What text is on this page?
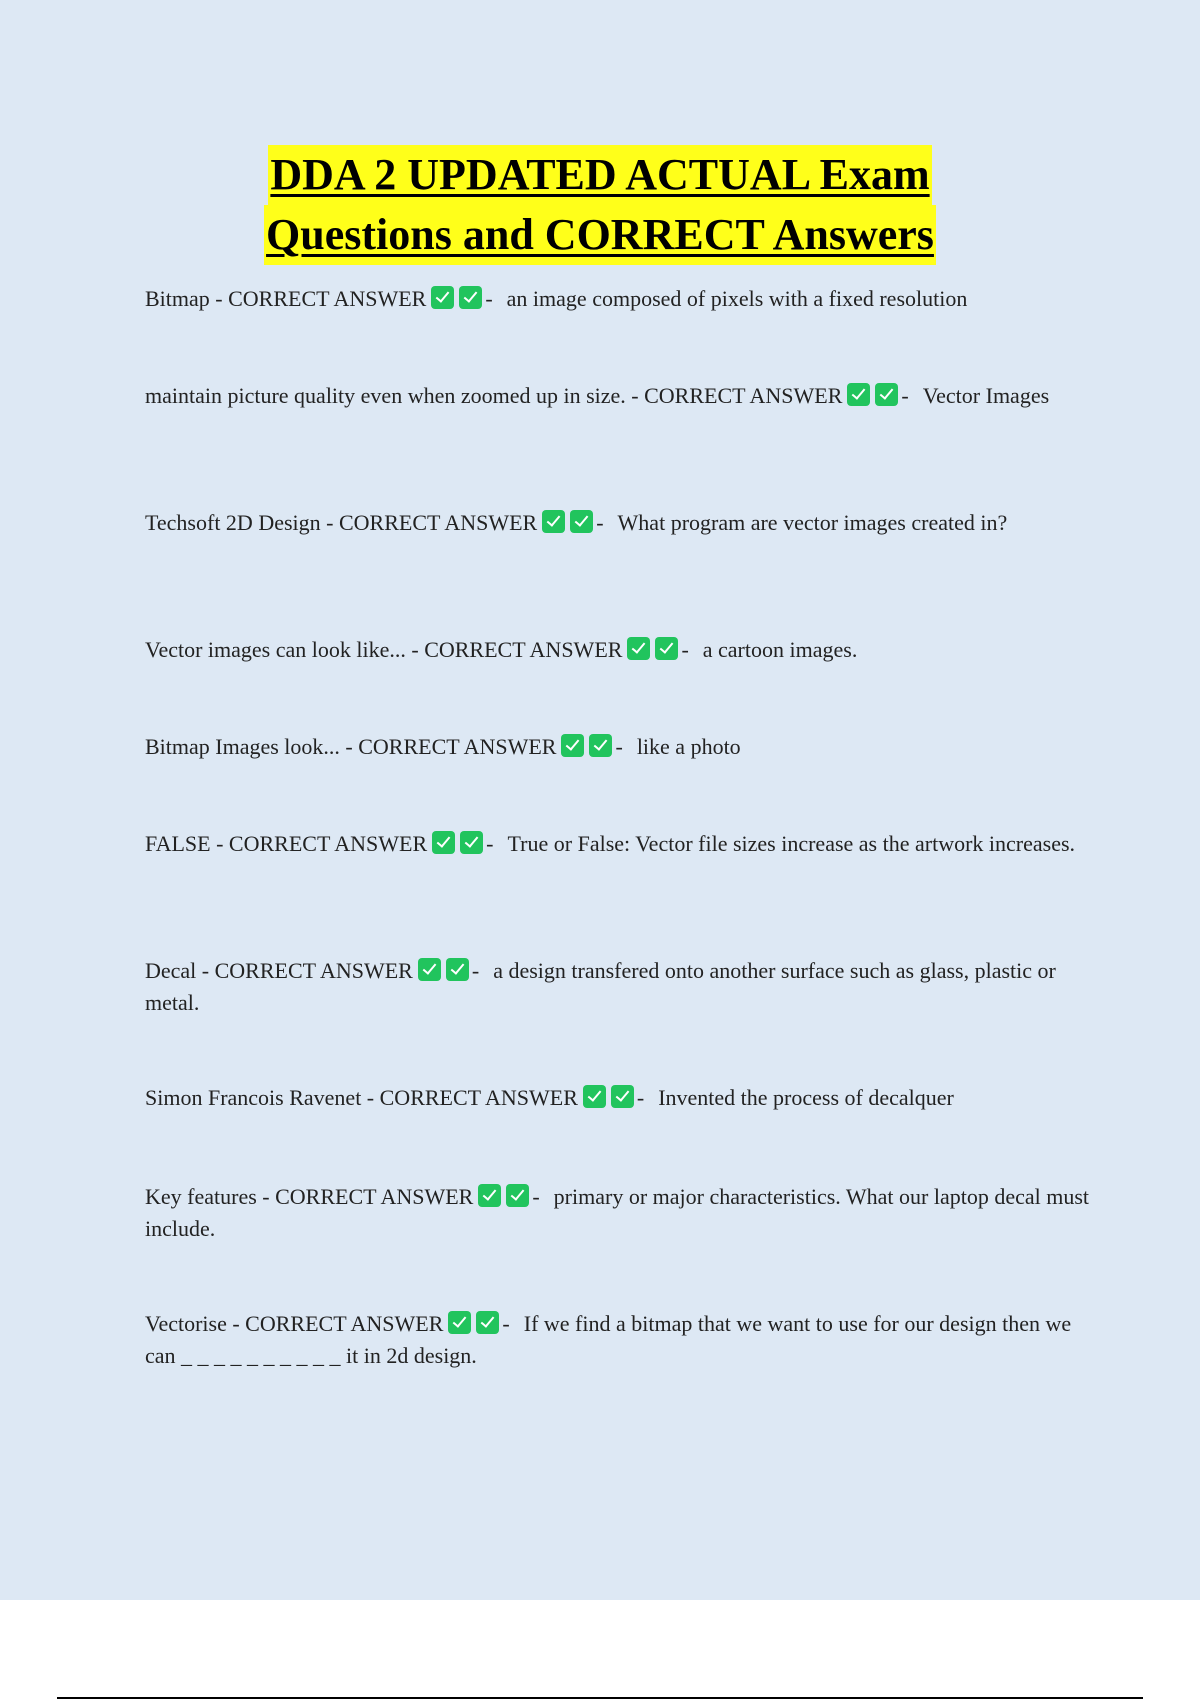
DDA 2 UPDATED ACTUAL Exam
Questions and CORRECT Answers
Bitmap - CORRECT ANSWER	- an image composed of pixels with a fixed resolution
maintain picture quality even when zoomed up in size. - CORRECT ANSWER	- Vector Images
Techsoft 2D Design - CORRECT ANSWER	- What program are vector images created in?
Vector images can look like... - CORRECT ANSWER	- a cartoon images.
Bitmap Images look... - CORRECT ANSWER	- like a photo
FALSE - CORRECT ANSWER	- True or False: Vector file sizes increase as the artwork increases.
Decal - CORRECT ANSWER	- a design transfered onto another surface such as glass, plastic or metal.
Simon Francois Ravenet - CORRECT ANSWER	- Invented the process of decalquer
Key features - CORRECT ANSWER	- primary or major characteristics. What our laptop decal must include.
Vectorise - CORRECT ANSWER	- If we find a bitmap that we want to use for our design then we can _ _ _ _ _ _ _ _ _ _ it in 2d design.
